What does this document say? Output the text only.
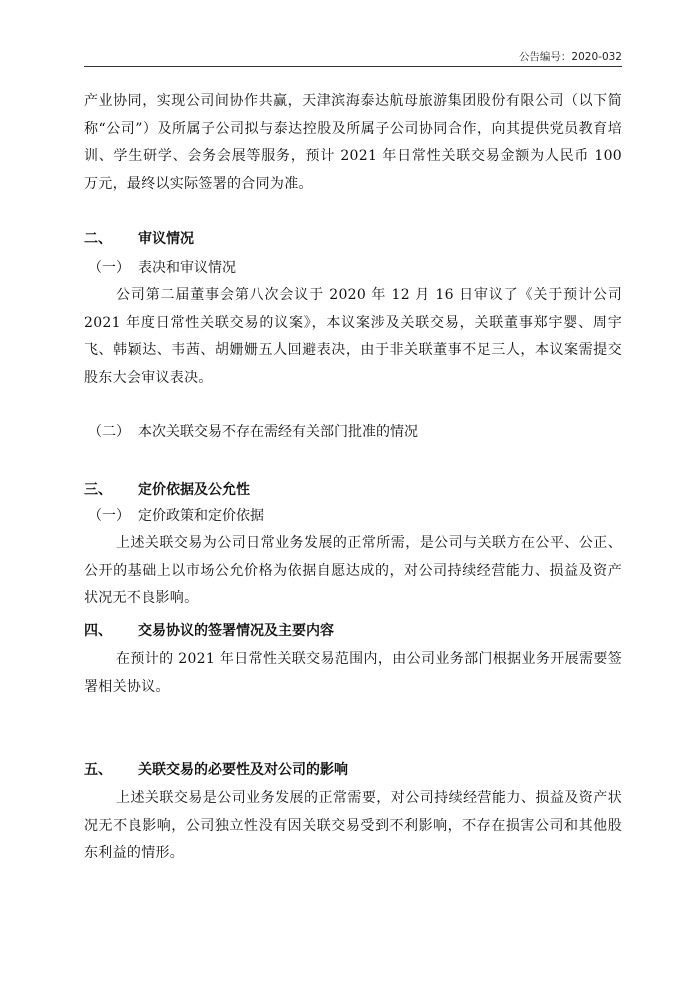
公告编号：2020-032
产业协同，实现公司间协作共赢，天津滨海泰达航母旅游集团股份有限公司（以下简称“公司”）及所属子公司拟与泰达控股及所属子公司协同合作，向其提供党员教育培训、学生研学、会务会展等服务，预计 2021 年日常性关联交易金额为人民币 100 万元，最终以实际签署的合同为准。
二、 审议情况
（一） 表决和审议情况
公司第二届董事会第八次会议于 2020 年 12 月 16 日审议了《关于预计公司 2021 年度日常性关联交易的议案》，本议案涉及关联交易，关联董事郑宇婴、周宇飞、韩颖达、韦茜、胡姗姗五人回避表决，由于非关联董事不足三人，本议案需提交股东大会审议表决。
（二） 本次关联交易不存在需经有关部门批准的情况
三、 定价依据及公允性
（一） 定价政策和定价依据
上述关联交易为公司日常业务发展的正常所需，是公司与关联方在公平、公正、公开的基础上以市场公允价格为依据自愿达成的，对公司持续经营能力、损益及资产状况无不良影响。
四、 交易协议的签署情况及主要内容
在预计的 2021 年日常性关联交易范围内，由公司业务部门根据业务开展需要签署相关协议。
五、 关联交易的必要性及对公司的影响
上述关联交易是公司业务发展的正常需要，对公司持续经营能力、损益及资产状况无不良影响，公司独立性没有因关联交易受到不利影响，不存在损害公司和其他股东利益的情形。
